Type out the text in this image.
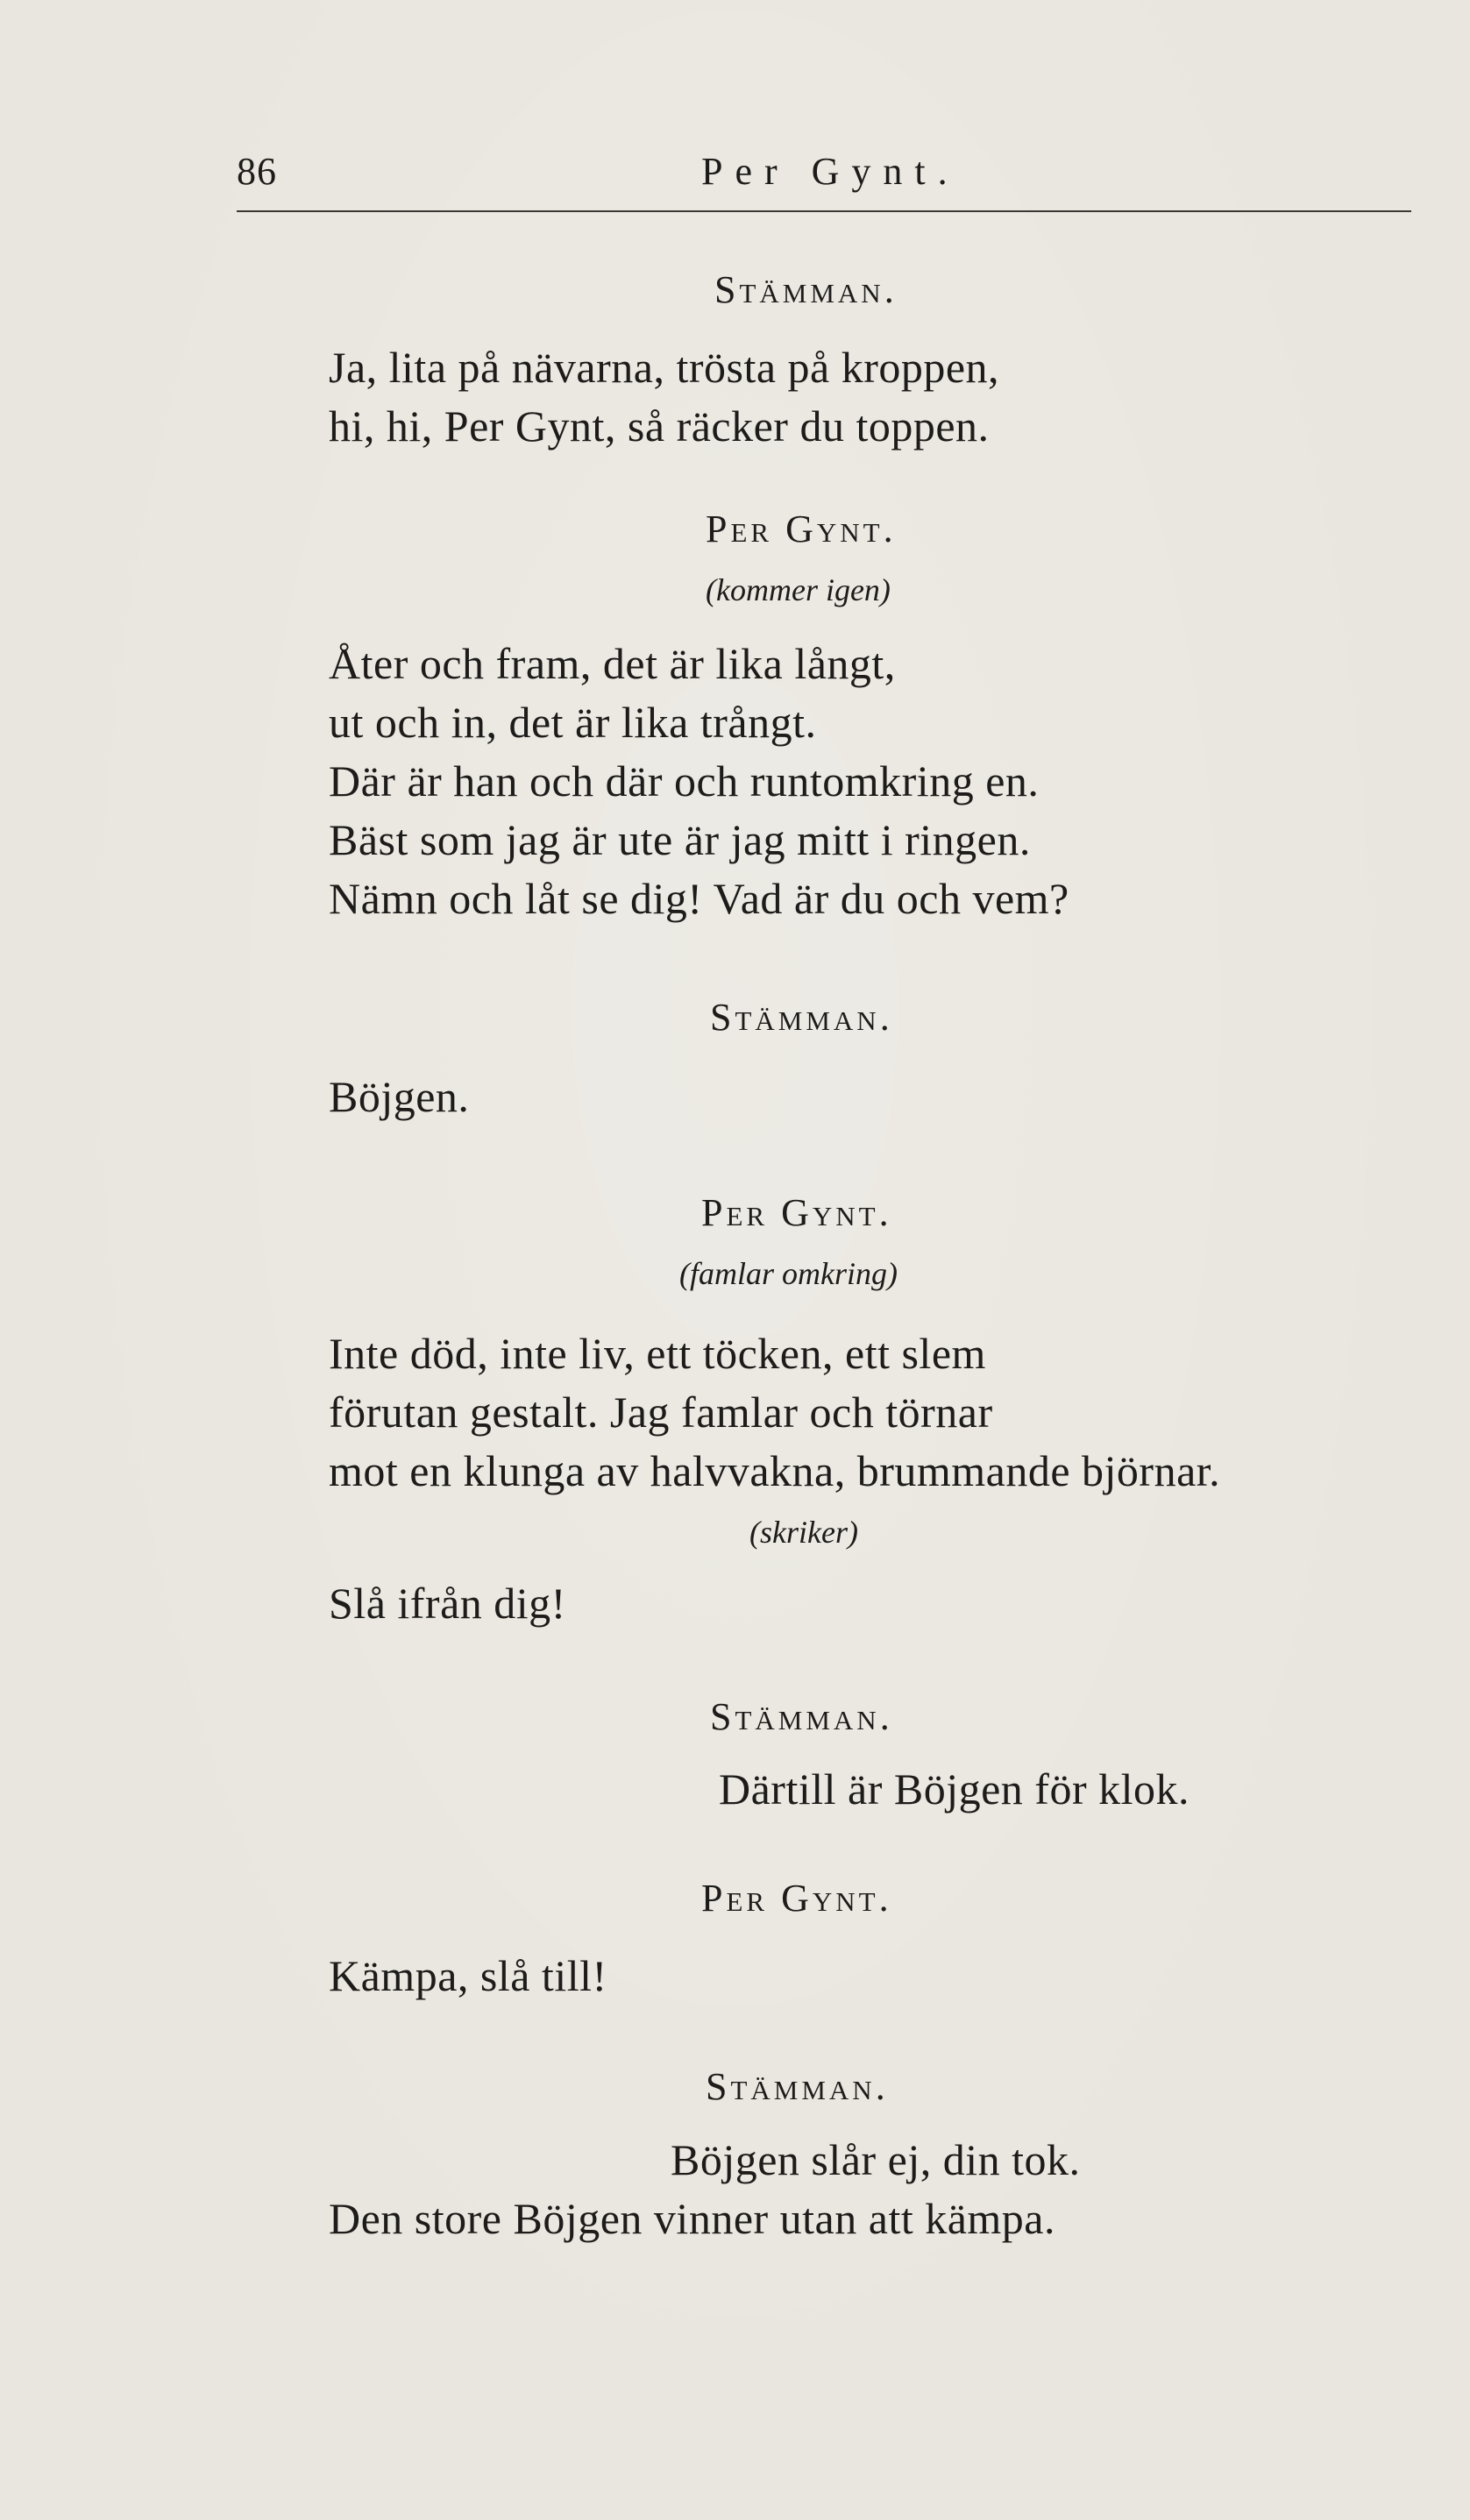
86	Per Gynt.
Stämman.
Ja, lita på nävarna, trösta på kroppen,
hi, hi, Per Gynt, så räcker du toppen.
Per Gynt.
(kommer igen)
Åter och fram, det är lika långt,
ut och in, det är lika trångt.
Där är han och där och runtomkring en.
Bäst som jag är ute är jag mitt i ringen.
Nämn och låt se dig! Vad är du och vem?
Stämman.
Böjgen.
Per Gynt.
(famlar omkring)
Inte död, inte liv, ett töcken, ett slem
förutan gestalt. Jag famlar och törnar
mot en klunga av halvvakna, brummande björnar.
(skriker)
Slå ifrån dig!
Stämman.
Därtill är Böjgen för klok.
Per Gynt.
Kämpa, slå till!
Stämman.
Böjgen slår ej, din tok.
Den store Böjgen vinner utan att kämpa.
